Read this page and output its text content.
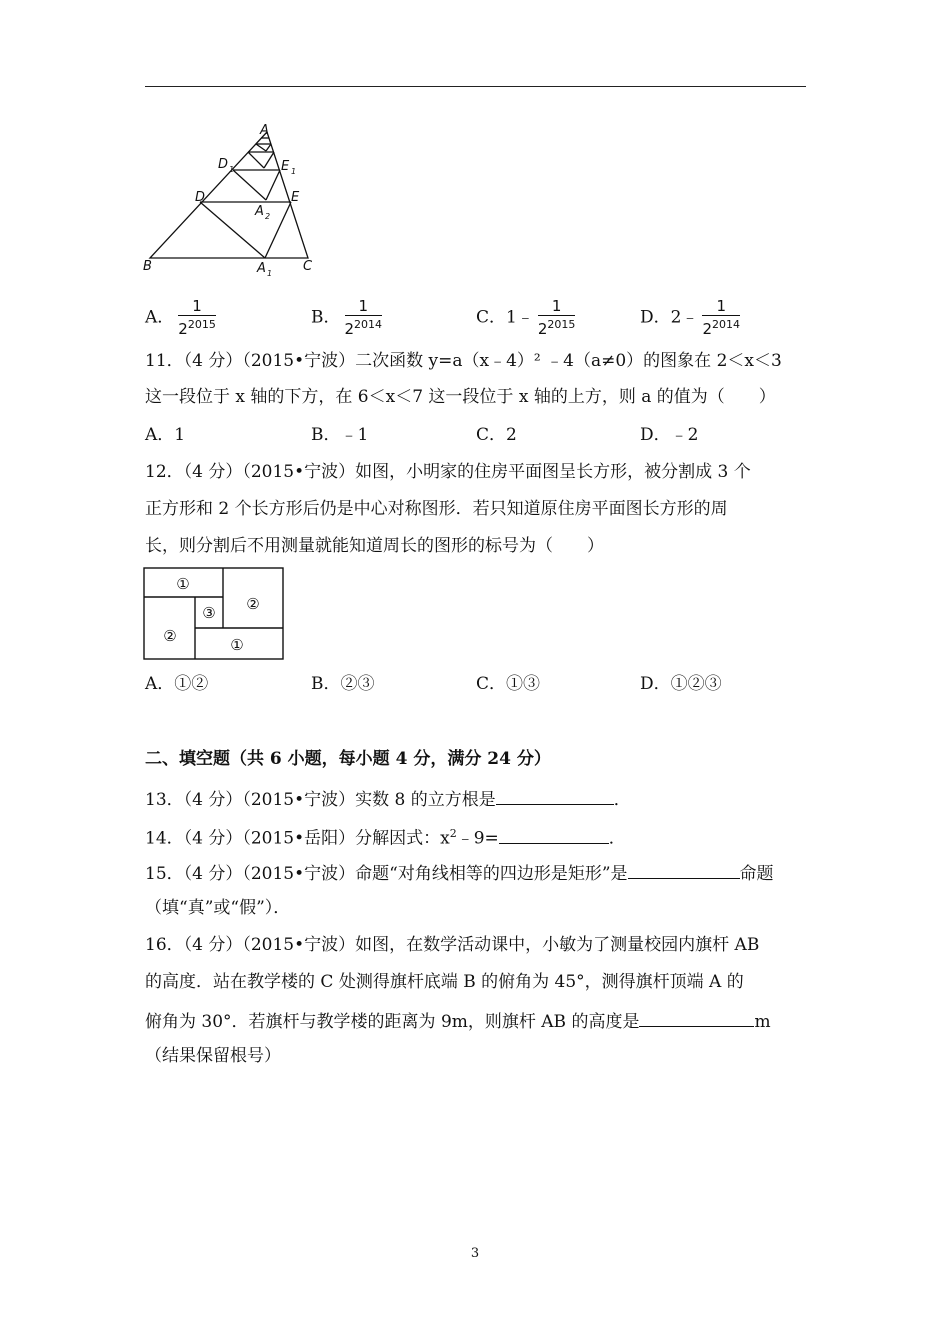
A
D 1	E 1
D	E
A 2
B	A 1 C
A． $\frac{1}{2^{2015}}$	B． $\frac{1}{2^{2014}}$	C．1﹣ $\frac{1}{2^{2015}}$	D．2﹣ $\frac{1}{2^{2014}}$
11．（4 分）（2015•宁波）二次函数 y=a（x﹣4）² ﹣4（a≠0）的图象在 2＜x＜3
这一段位于 x 轴的下方，在 6＜x＜7 这一段位于 x 轴的上方，则 a 的值为（　　）
A．1	B．﹣1	C．2	D．﹣2
12．（4 分）（2015•宁波）如图，小明家的住房平面图呈长方形，被分割成 3 个
正方形和 2 个长方形后仍是中心对称图形．若只知道原住房平面图长方形的周
长，则分割后不用测量就能知道周长的图形的标号为（　　）
①
②
③
②	①
A．①②	B．②③	C．①③	D．①②③
二、填空题（共 6 小题，每小题 4 分，满分 24 分）
13．（4 分）（2015•宁波）实数 8 的立方根是	．
14．（4 分）（2015•岳阳）分解因式：$x^2﹣9=$	．
15．（4 分）（2015•宁波）命题“对角线相等的四边形是矩形”是	命题
（填“真”或“假”）．
16．（4 分）（2015•宁波）如图，在数学活动课中，小敏为了测量校园内旗杆 AB
的高度．站在教学楼的 C 处测得旗杆底端 B 的俯角为 45°，测得旗杆顶端 A 的
俯角为 30°．若旗杆与教学楼的距离为 9m，则旗杆 AB 的高度是	m
（结果保留根号）
3
